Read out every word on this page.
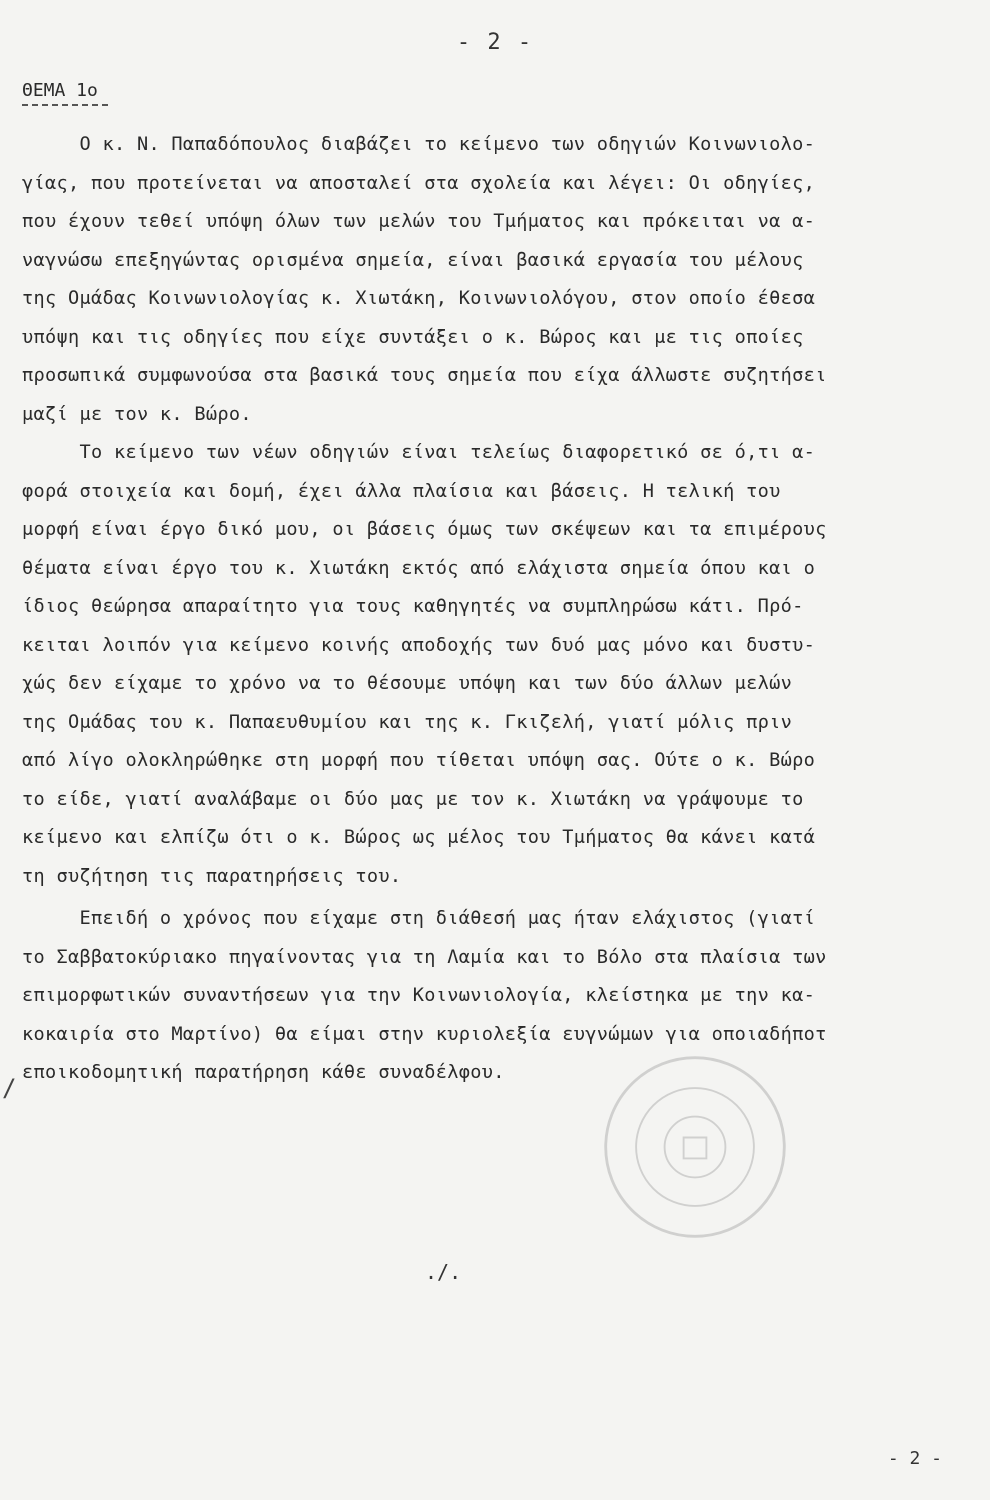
- 2 -
ΘΕΜΑ 1ο
Ο κ. Ν. Παπαδόπουλος διαβάζει το κείμενο των οδηγιών Κοινωνιολο-
γίας, που προτείνεται να αποσταλεί στα σχολεία και λέγει: Οι οδηγίες,
που έχουν τεθεί υπόψη όλων των μελών του Τμήματος και πρόκειται να α-
ναγνώσω επεξηγώντας ορισμένα σημεία, είναι βασικά εργασία του μέλους
της Ομάδας Κοινωνιολογίας κ. Χιωτάκη, Κοινωνιολόγου, στον οποίο έθεσα
υπόψη και τις οδηγίες που είχε συντάξει ο κ. Βώρος και με τις οποίες
προσωπικά συμφωνούσα στα βασικά τους σημεία που είχα άλλωστε συζητήσει
μαζί με τον κ. Βώρο.
Το κείμενο των νέων οδηγιών είναι τελείως διαφορετικό σε ό,τι α-
φορά στοιχεία και δομή, έχει άλλα πλαίσια και βάσεις. Η τελική του
μορφή είναι έργο δικό μου, οι βάσεις όμως των σκέψεων και τα επιμέρους
θέματα είναι έργο του κ. Χιωτάκη εκτός από ελάχιστα σημεία όπου και ο
ίδιος θεώρησα απαραίτητο για τους καθηγητές να συμπληρώσω κάτι. Πρό-
κειται λοιπόν για κείμενο κοινής αποδοχής των δυό μας μόνο και δυστυ-
χώς δεν είχαμε το χρόνο να το θέσουμε υπόψη και των δύο άλλων μελών
της Ομάδας του κ. Παπαευθυμίου και της κ. Γκιζελή, γιατί μόλις πριν
από λίγο ολοκληρώθηκε στη μορφή που τίθεται υπόψη σας. Ούτε ο κ. Βώρο
το είδε, γιατί αναλάβαμε οι δύο μας με τον κ. Χιωτάκη να γράψουμε το
κείμενο και ελπίζω ότι ο κ. Βώρος ως μέλος του Τμήματος θα κάνει κατά
τη συζήτηση τις παρατηρήσεις του.
Επειδή ο χρόνος που είχαμε στη διάθεσή μας ήταν ελάχιστος (γιατί
το Σαββατοκύριακο πηγαίνοντας για τη Λαμία και το Βόλο στα πλαίσια των
επιμορφωτικών συναντήσεων για την Κοινωνιολογία, κλείστηκα με την κα-
κοκαιρία στο Μαρτίνο) θα είμαι στην κυριολεξία ευγνώμων για οποιαδήποτ
εποικοδομητική παρατήρηση κάθε συναδέλφου.
/
./.
- 2 -
